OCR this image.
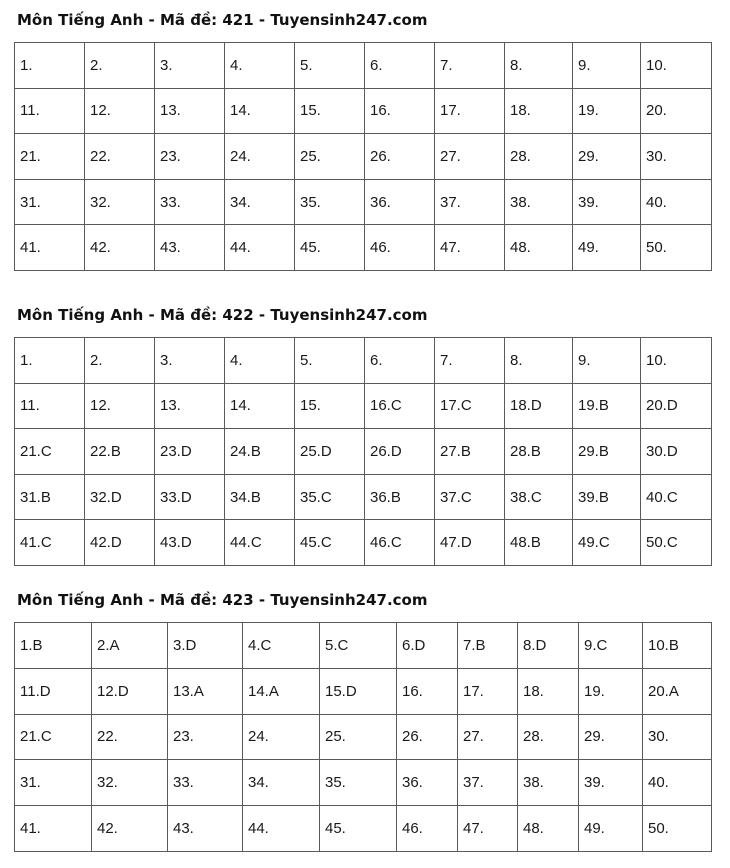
Môn Tiếng Anh - Mã đề: 421 - Tuyensinh247.com
1.	2.	3.	4.	5.	6.	7.	8.	9.	10.
11.	12.	13.	14.	15.	16.	17.	18.	19.	20.
21.	22.	23.	24.	25.	26.	27.	28.	29.	30.
31.	32.	33.	34.	35.	36.	37.	38.	39.	40.
41.	42.	43.	44.	45.	46.	47.	48.	49.	50.
Môn Tiếng Anh - Mã đề: 422 - Tuyensinh247.com
1.	2.	3.	4.	5.	6.	7.	8.	9.	10.
11.	12.	13.	14.	15.	16.C	17.C	18.D	19.B	20.D
21.C	22.B	23.D	24.B	25.D	26.D	27.B	28.B	29.B	30.D
31.B	32.D	33.D	34.B	35.C	36.B	37.C	38.C	39.B	40.C
41.C	42.D	43.D	44.C	45.C	46.C	47.D	48.B	49.C	50.C
Môn Tiếng Anh - Mã đề: 423 - Tuyensinh247.com
1.B	2.A	3.D	4.C	5.C	6.D	7.B	8.D	9.C	10.B
11.D	12.D	13.A	14.A	15.D	16.	17.	18.	19.	20.A
21.C	22.	23.	24.	25.	26.	27.	28.	29.	30.
31.	32.	33.	34.	35.	36.	37.	38.	39.	40.
41.	42.	43.	44.	45.	46.	47.	48.	49.	50.
